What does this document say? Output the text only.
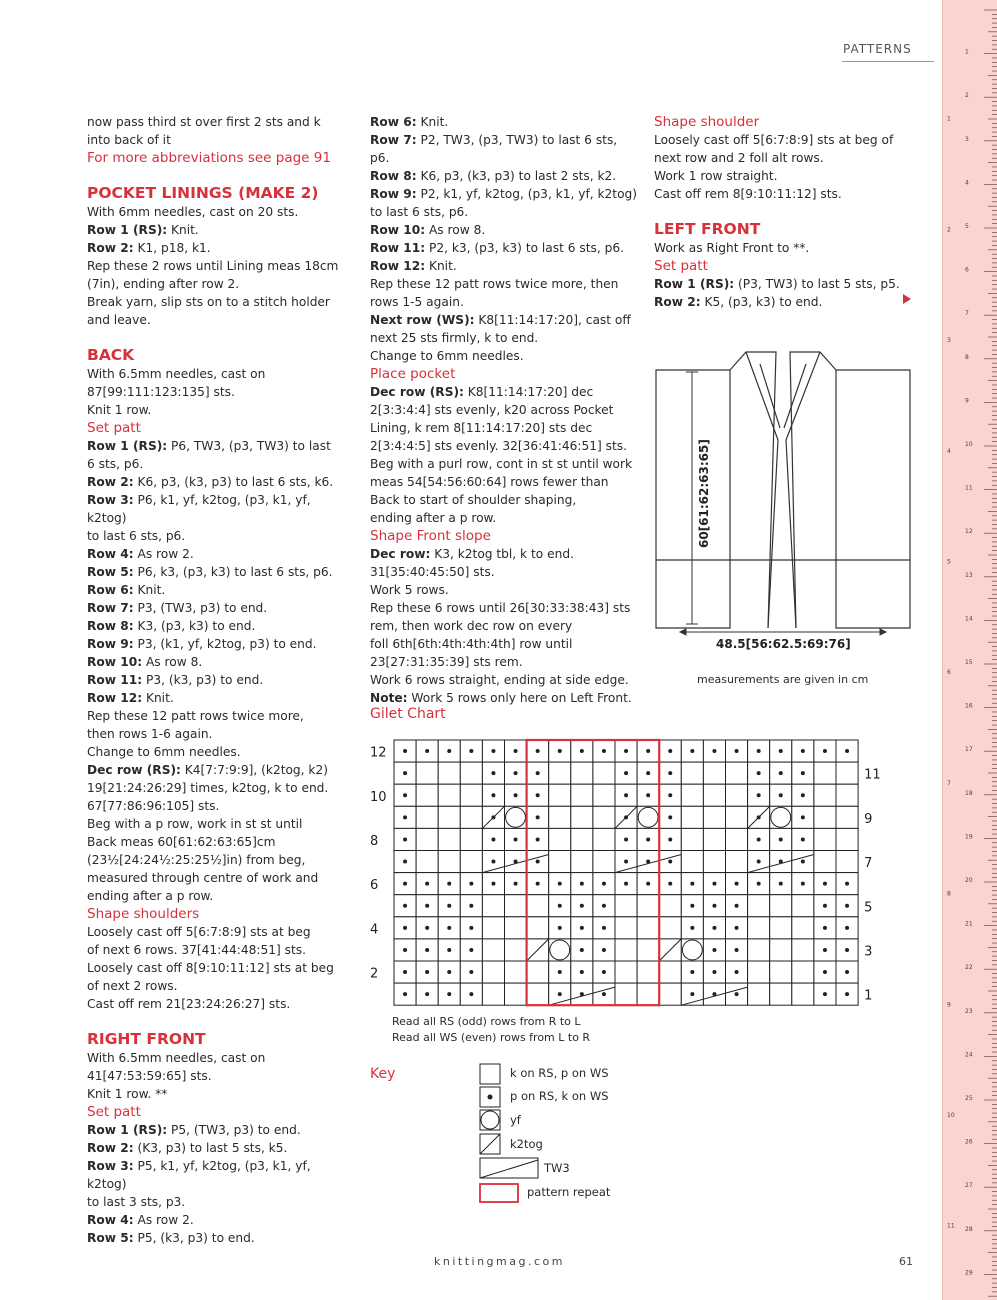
PATTERNS

now pass third st over first 2 sts and k

into back of it

For more abbreviations see page 91

POCKET LININGS (MAKE 2)

With 6mm needles, cast on 20 sts.

Row 1 (RS): Knit.

Row 2: K1, p18, k1.

Rep these 2 rows until Lining meas 18cm
(7in), ending after row 2.
Break yarn, slip sts on to a stitch holder
and leave.

BACK

With 6.5mm needles, cast on
87[99:111:123:135] sts.
Knit 1 row.

Set patt

Row 1 (RS): P6, TW3, (p3, TW3) to last
6 sts, p6.

Row 2: K6, p3, (k3, p3) to last 6 sts, k6.

Row 3: P6, k1, yf, k2tog, (p3, k1, yf, k2tog)
to last 6 sts, p6.

Row 4: As row 2.

Row 5: P6, k3, (p3, k3) to last 6 sts, p6.

Row 6: Knit.

Row 7: P3, (TW3, p3) to end.

Row 8: K3, (p3, k3) to end.

Row 9: P3, (k1, yf, k2tog, p3) to end.

Row 10: As row 8.

Row 11: P3, (k3, p3) to end.

Row 12: Knit.

Rep these 12 patt rows twice more,
then rows 1-6 again.
Change to 6mm needles.

Dec row (RS): K4[7:7:9:9], (k2tog, k2)
19[21:24:26:29] times, k2tog, k to end.
67[77:86:96:105] sts.
Beg with a p row, work in st st until
Back meas 60[61:62:63:65]cm
(23½[24:24½:25:25½]in) from beg,
measured through centre of work and
ending after a p row.

Shape shoulders

Loosely cast off 5[6:7:8:9] sts at beg
of next 6 rows. 37[41:44:48:51] sts.
Loosely cast off 8[9:10:11:12] sts at beg
of next 2 rows.
Cast off rem 21[23:24:26:27] sts.

RIGHT FRONT

With 6.5mm needles, cast on
41[47:53:59:65] sts.
Knit 1 row. **

Set patt

Row 1 (RS): P5, (TW3, p3) to end.

Row 2: (K3, p3) to last 5 sts, k5.

Row 3: P5, k1, yf, k2tog, (p3, k1, yf, k2tog)
to last 3 sts, p3.

Row 4: As row 2.

Row 5: P5, (k3, p3) to end.

Row 6: Knit.

Row 7: P2, TW3, (p3, TW3) to last 6 sts, p6.

Row 8: K6, p3, (k3, p3) to last 2 sts, k2.

Row 9: P2, k1, yf, k2tog, (p3, k1, yf, k2tog)
to last 6 sts, p6.

Row 10: As row 8.

Row 11: P2, k3, (p3, k3) to last 6 sts, p6.

Row 12: Knit.

Rep these 12 patt rows twice more, then
rows 1-5 again.

Next row (WS): K8[11:14:17:20], cast off
next 25 sts firmly, k to end.
Change to 6mm needles.

Place pocket

Dec row (RS): K8[11:14:17:20] dec
2[3:3:4:4] sts evenly, k20 across Pocket
Lining, k rem 8[11:14:17:20] sts dec
2[3:4:4:5] sts evenly. 32[36:41:46:51] sts.
Beg with a purl row, cont in st st until work
meas 54[54:56:60:64] rows fewer than
Back to start of shoulder shaping,
ending after a p row.

Shape Front slope

Dec row: K3, k2tog tbl, k to end.
31[35:40:45:50] sts.
Work 5 rows.
Rep these 6 rows until 26[30:33:38:43] sts
rem, then work dec row on every
foll 6th[6th:4th:4th:4th] row until
23[27:31:35:39] sts rem.
Work 6 rows straight, ending at side edge.

Note: Work 5 rows only here on Left Front.

Shape shoulder

Loosely cast off 5[6:7:8:9] sts at beg of
next row and 2 foll alt rows.
Work 1 row straight.
Cast off rem 8[9:10:11:12] sts.

LEFT FRONT

Work as Right Front to **.

Set patt

Row 1 (RS): (P3, TW3) to last 5 sts, p5.

Row 2: K5, (p3, k3) to end.

60[61:62:63:65]
48.5[56:62.5:69:76]
measurements are given in cm
Gilet Chart
12
10
8
6
4
2
11
9
7
5
3
1
Read all RS (odd) rows from R to L
Read all WS (even) rows from L to R
Key	k on RS, p on WS
p on RS, k on WS
yf
k2tog
TW3
pattern repeat
knittingmag.com	61
1
2
3
4
5
6
7
8
9
10
11
12
13
14
15
16
17
18
19
20
21
22
23
24
25
26
27
28
29
1
2
3
4
5
6
7
8
9
10
11
